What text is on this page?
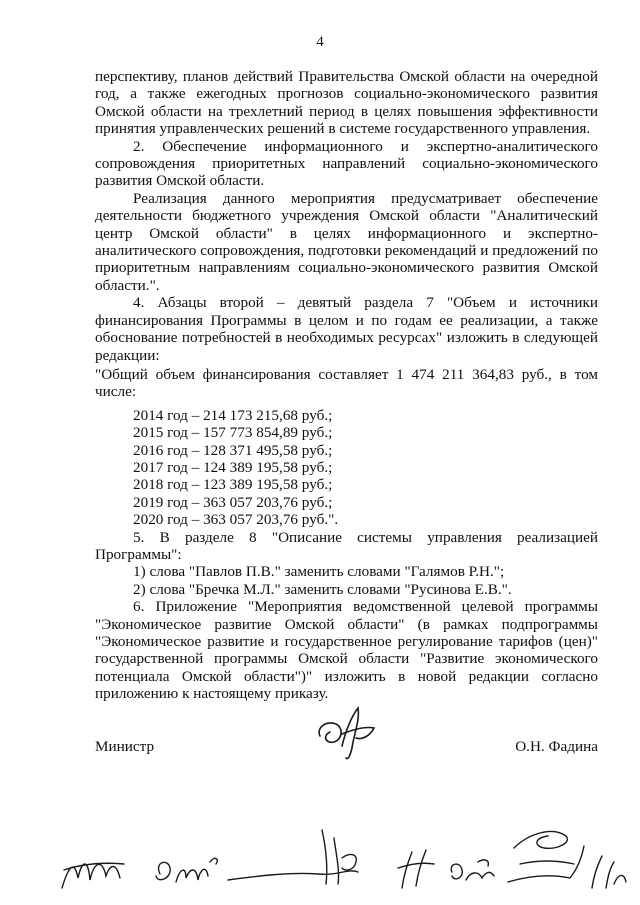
4

перспективу, планов действий Правительства Омской области на очередной год, а также ежегодных прогнозов социально-экономического развития Омской области на трехлетний период в целях повышения эффективности принятия управленческих решений в системе государственного управления.

2. Обеспечение информационного и экспертно-аналитического сопровождения приоритетных направлений социально-экономического развития Омской области.

Реализация данного мероприятия предусматривает обеспечение деятельности бюджетного учреждения Омской области "Аналитический центр Омской области" в целях информационного и экспертно-аналитического сопровождения, подготовки рекомендаций и предложений по приоритетным направлениям социально-экономического развития Омской области.".

4. Абзацы второй – девятый раздела 7 "Объем и источники финансирования Программы в целом и по годам ее реализации, а также обоснование потребностей в необходимых ресурсах" изложить в следующей редакции:

"Общий объем финансирования составляет 1 474 211 364,83 руб., в том числе:

2014 год – 214 173 215,68 руб.;
2015 год – 157 773 854,89 руб.;
2016 год – 128 371 495,58 руб.;
2017 год – 124 389 195,58 руб.;
2018 год – 123 389 195,58 руб.;
2019 год – 363 057 203,76 руб.;
2020 год – 363 057 203,76 руб.".

5. В разделе 8 "Описание системы управления реализацией Программы":

1) слова "Павлов П.В." заменить словами "Галямов Р.Н.";

2) слова "Бречка М.Л." заменить словами "Русинова Е.В.".

6. Приложение "Мероприятия ведомственной целевой программы "Экономическое развитие Омской области" (в рамках подпрограммы "Экономическое развитие и государственное регулирование тарифов (цен)" государственной программы Омской области "Развитие экономического потенциала Омской области")" изложить в новой редакции согласно приложению к настоящему приказу.

Министр	О.Н. Фадина
